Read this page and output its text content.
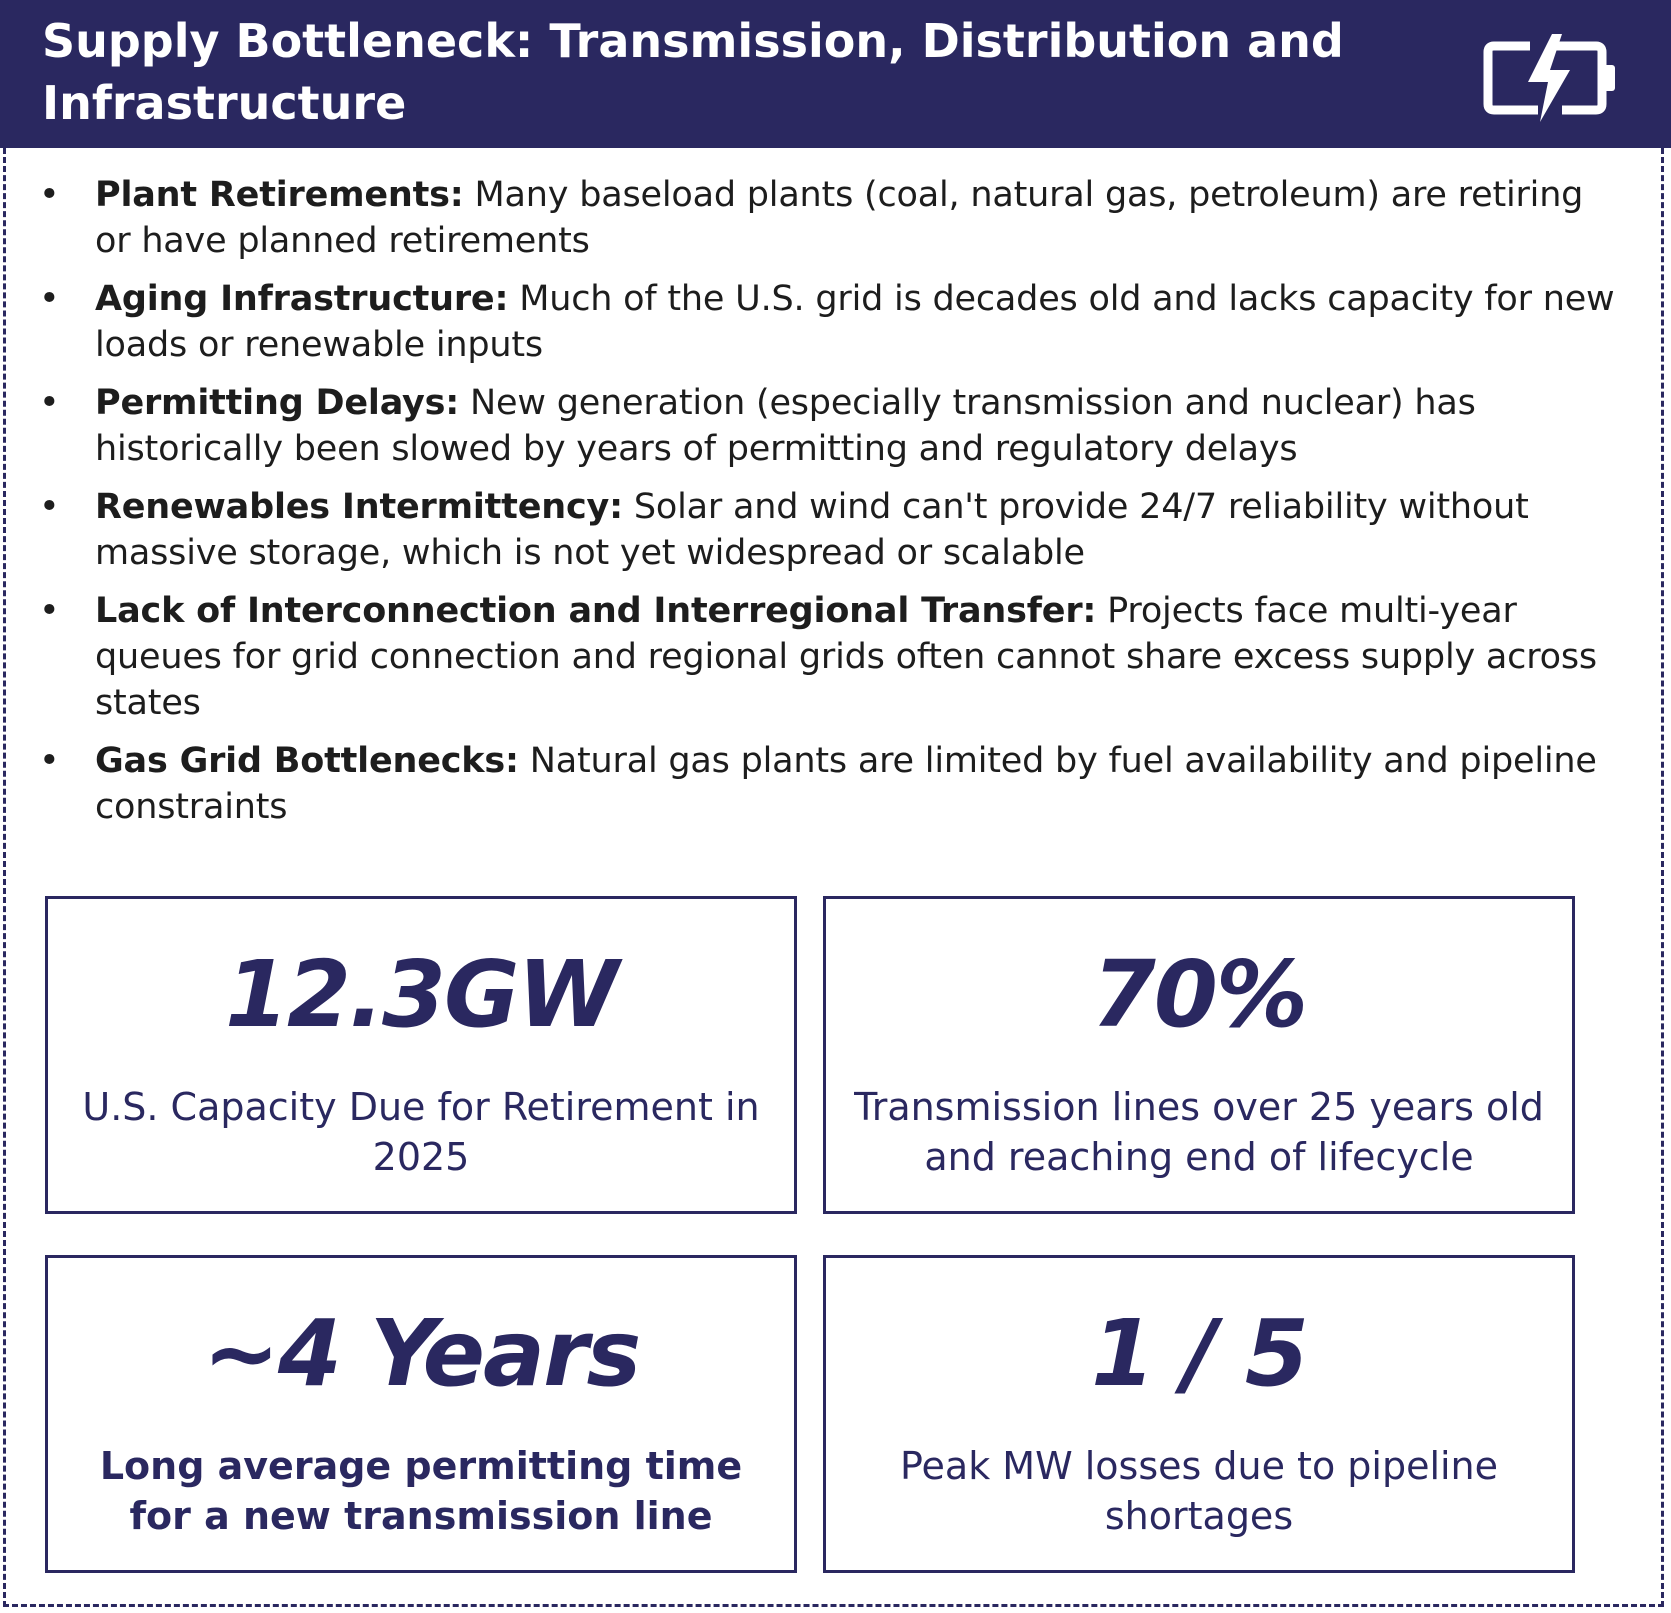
Supply Bottleneck: Transmission, Distribution and Infrastructure
• Plant Retirements: Many baseload plants (coal, natural gas, petroleum) are retiring or have planned retirements
• Aging Infrastructure: Much of the U.S. grid is decades old and lacks capacity for new loads or renewable inputs
• Permitting Delays: New generation (especially transmission and nuclear) has historically been slowed by years of permitting and regulatory delays
• Renewables Intermittency: Solar and wind can't provide 24/7 reliability without massive storage, which is not yet widespread or scalable
• Lack of Interconnection and Interregional Transfer: Projects face multi-year queues for grid connection and regional grids often cannot share excess supply across states
• Gas Grid Bottlenecks: Natural gas plants are limited by fuel availability and pipeline constraints
12.3GW
U.S. Capacity Due for Retirement in 2025
70%
Transmission lines over 25 years old and reaching end of lifecycle
~4 Years
Long average permitting time for a new transmission line
1 / 5
Peak MW losses due to pipeline shortages
